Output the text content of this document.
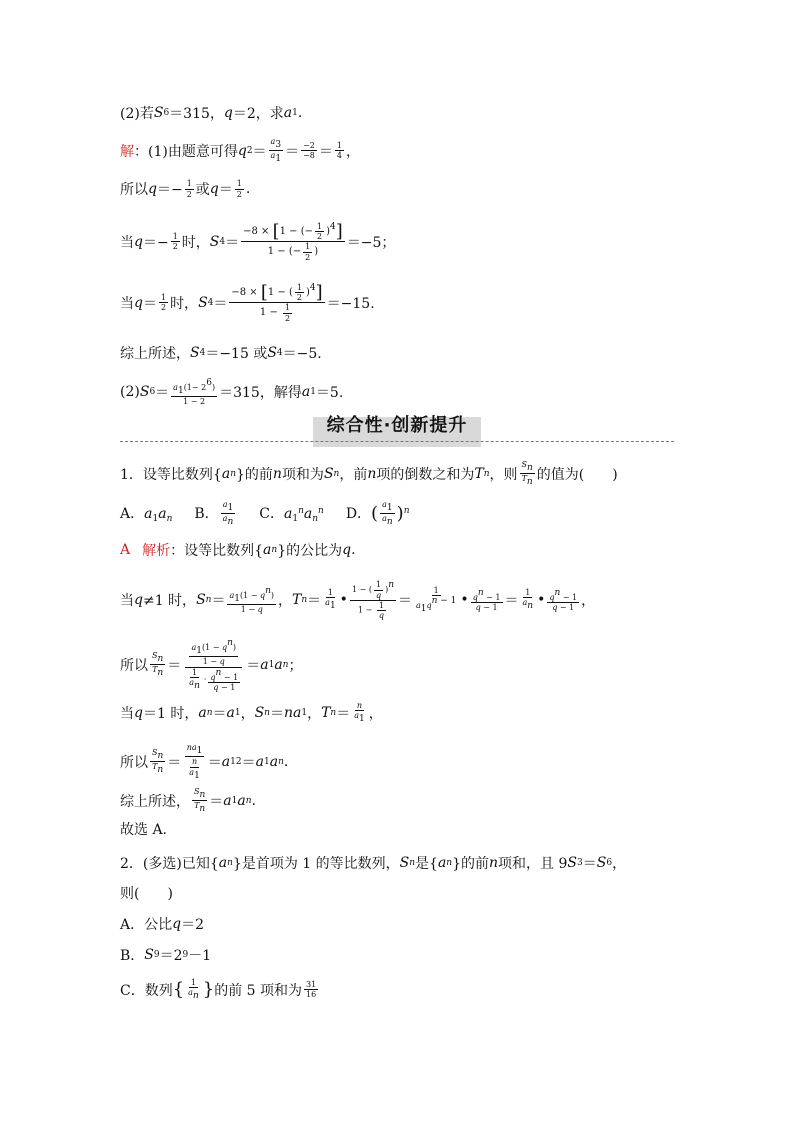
(2)若 S 6 ＝315， q ＝2，求 a 1 .
解 ：(1)由题意可得 q 2 ＝
$a_3$
$a_1 = -2$
−8 ＝ 1
4 ，
所以 q ＝− 1
2 或 q ＝ 1
2 .
当 q ＝− 1
2 时， S 4 ＝
−8 × [1 − (− $\frac{1}{2} )^4$]
1 − (− $\frac{1}{2}$ )
＝−5；
当 q ＝ 1
2 时， S 4 ＝
−8 × [1 − ( $\frac{1}{2} )^4$]
$1 - \frac{1}{2} =-15$.
综上所述， S 4 ＝−15 或 S 4 ＝−5.
(2) S $6 = a_1(1- 2^6)$
1 − 2
＝315，解得 a 1 ＝5.
综合性·创新提升
1．设等比数列{ a n }的前 n 项和为 S n ，前 n 项的倒数之和为 T n ，则
$S_n$
$T_n$ 的值为(　　)
A．$a_1a_n$ B． $\frac{a_1}{a_n}$ C．$a_1^na_n^n$ D．( $\frac{a_1}{a_n} )^n$
A 解析 ：设等比数列{ a n }的公比为 q .
当 q ≠1 时， S $n = a_1(1 - q^n)$
1 − q
， T n ＝
1
$a_1$ •
1 − ( $\frac{1}{q} )^n$
$1 - \frac{1}{q}$ ＝
1
$a_1q^{n - 1}$ • $q^n - 1$
q − 1 ＝
1
$a_n$ • $q^n - 1$
q − 1 ，
所以
$S_n$
$T_n = \frac{a_1(1 - q^n)}{1 - q}$
$\frac{1}{a_n} \cdot \frac{q^n - 1}{q - 1}$
＝ a 1 a n ；
当 q ＝1 时， a n ＝ a 1 ， S n ＝ na 1 ， T n ＝
n
$a_1$ ，
所以
$S_n$
$T_n$ ＝
$na_1$
$\frac{n}{a_1} = a$ 1 2 ＝ a 1 a n .
综上所述，
$S_n$
$T_n = a$ 1 a n .
故选 A.
2．(多选)已知{ a n }是首项为 1 的等比数列， S n 是{ a n }的前 n 项和，且 9 S 3 ＝ S 6 ，
则(　　)
A．公比 q ＝2
B． S 9 ＝2 9 －1
C．数列 { 1
$a_n$ } 的前 5 项和为 31
16
